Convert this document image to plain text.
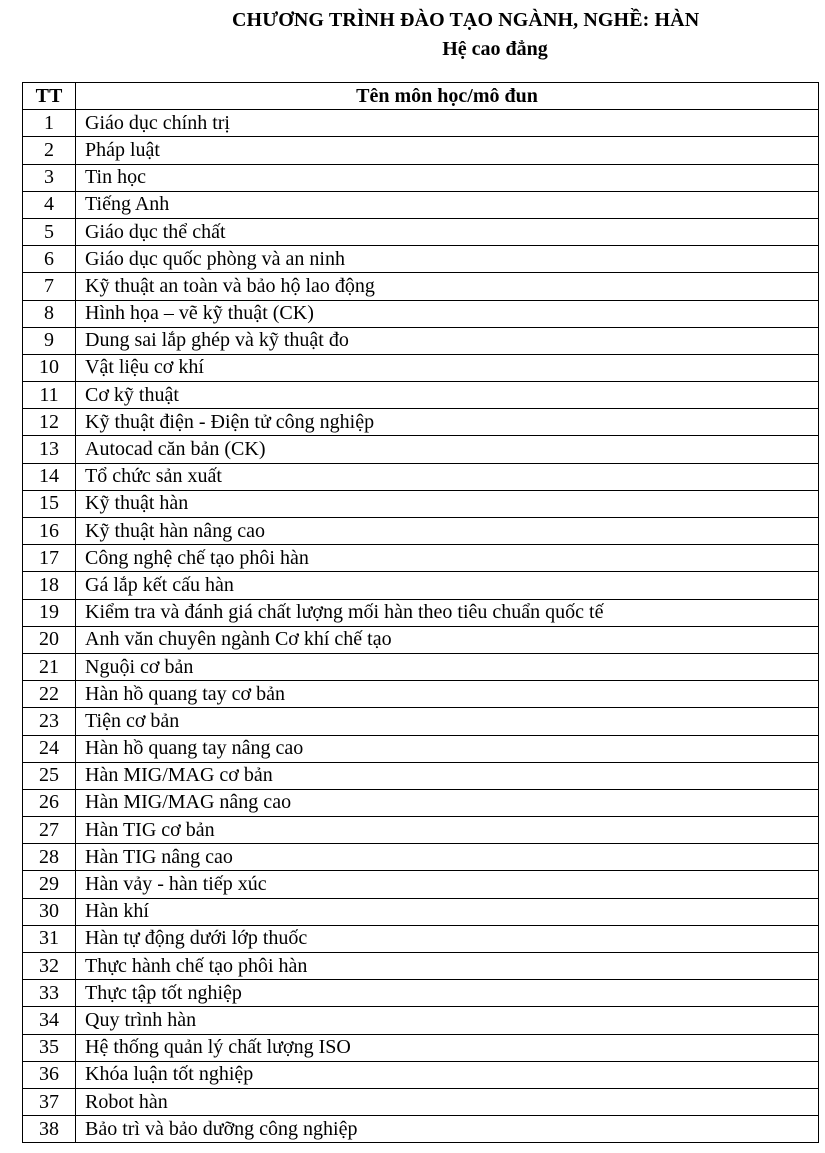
CHƯƠNG TRÌNH ĐÀO TẠO NGÀNH, NGHỀ: HÀN
Hệ cao đẳng
TT	Tên môn học/mô đun
1	Giáo dục chính trị
2	Pháp luật
3	Tin học
4	Tiếng Anh
5	Giáo dục thể chất
6	Giáo dục quốc phòng và an ninh
7	Kỹ thuật an toàn và bảo hộ lao động
8	Hình họa – vẽ kỹ thuật (CK)
9	Dung sai lắp ghép và kỹ thuật đo
10	Vật liệu cơ khí
11	Cơ kỹ thuật
12	Kỹ thuật điện - Điện tử công nghiệp
13	Autocad căn bản (CK)
14	Tổ chức sản xuất
15	Kỹ thuật hàn
16	Kỹ thuật hàn nâng cao
17	Công nghệ chế tạo phôi hàn
18	Gá lắp kết cấu hàn
19	Kiểm tra và đánh giá chất lượng mối hàn theo tiêu chuẩn quốc tế
20	Anh văn chuyên ngành Cơ khí chế tạo
21	Nguội cơ bản
22	Hàn hồ quang tay cơ bản
23	Tiện cơ bản
24	Hàn hồ quang tay nâng cao
25	Hàn MIG/MAG cơ bản
26	Hàn MIG/MAG nâng cao
27	Hàn TIG cơ bản
28	Hàn TIG nâng cao
29	Hàn vảy - hàn tiếp xúc
30	Hàn khí
31	Hàn tự động dưới lớp thuốc
32	Thực hành chế tạo phôi hàn
33	Thực tập tốt nghiệp
34	Quy trình hàn
35	Hệ thống quản lý chất lượng ISO
36	Khóa luận tốt nghiệp
37	Robot hàn
38	Bảo trì và bảo dưỡng công nghiệp
